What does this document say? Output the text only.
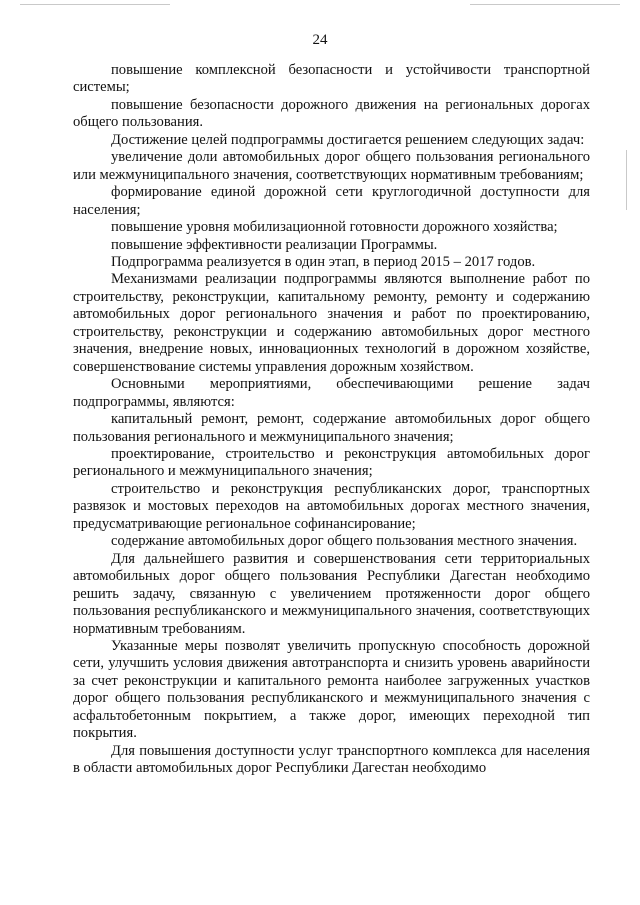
24

повышение комплексной безопасности и устойчивости транспортной системы;

повышение безопасности дорожного движения на региональных дорогах общего пользования.

Достижение целей подпрограммы достигается решением следующих задач:

увеличение доли автомобильных дорог общего пользования регионального или межмуниципального значения, соответствующих нормативным требованиям;

формирование единой дорожной сети круглогодичной доступности для населения;

повышение уровня мобилизационной готовности дорожного хозяйства;

повышение эффективности реализации Программы.

Подпрограмма реализуется в один этап, в период 2015 – 2017 годов.

Механизмами реализации подпрограммы являются выполнение работ по строительству, реконструкции, капитальному ремонту, ремонту и содержанию автомобильных дорог регионального значения и работ по проектированию, строительству, реконструкции и содержанию автомобильных дорог местного значения, внедрение новых, инновационных технологий в дорожном хозяйстве, совершенствование системы управления дорожным хозяйством.

Основными мероприятиями, обеспечивающими решение задач подпрограммы, являются:

капитальный ремонт, ремонт, содержание автомобильных дорог общего пользования регионального и межмуниципального значения;

проектирование, строительство и реконструкция автомобильных дорог регионального и межмуниципального значения;

строительство и реконструкция республиканских дорог, транспортных развязок и мостовых переходов на автомобильных дорогах местного значения, предусматривающие региональное софинансирование;

содержание автомобильных дорог общего пользования местного значения.

Для дальнейшего развития и совершенствования сети территориальных автомобильных дорог общего пользования Республики Дагестан необходимо решить задачу, связанную с увеличением протяженности дорог общего пользования республиканского и межмуниципального значения, соответствующих нормативным требованиям.

Указанные меры позволят увеличить пропускную способность дорожной сети, улучшить условия движения автотранспорта и снизить уровень аварийности за счет реконструкции и капитального ремонта наиболее загруженных участков дорог общего пользования республиканского и межмуниципального значения с асфальтобетонным покрытием, а также дорог, имеющих переходной тип покрытия.

Для повышения доступности услуг транспортного комплекса для населения в области автомобильных дорог Республики Дагестан необходимо
